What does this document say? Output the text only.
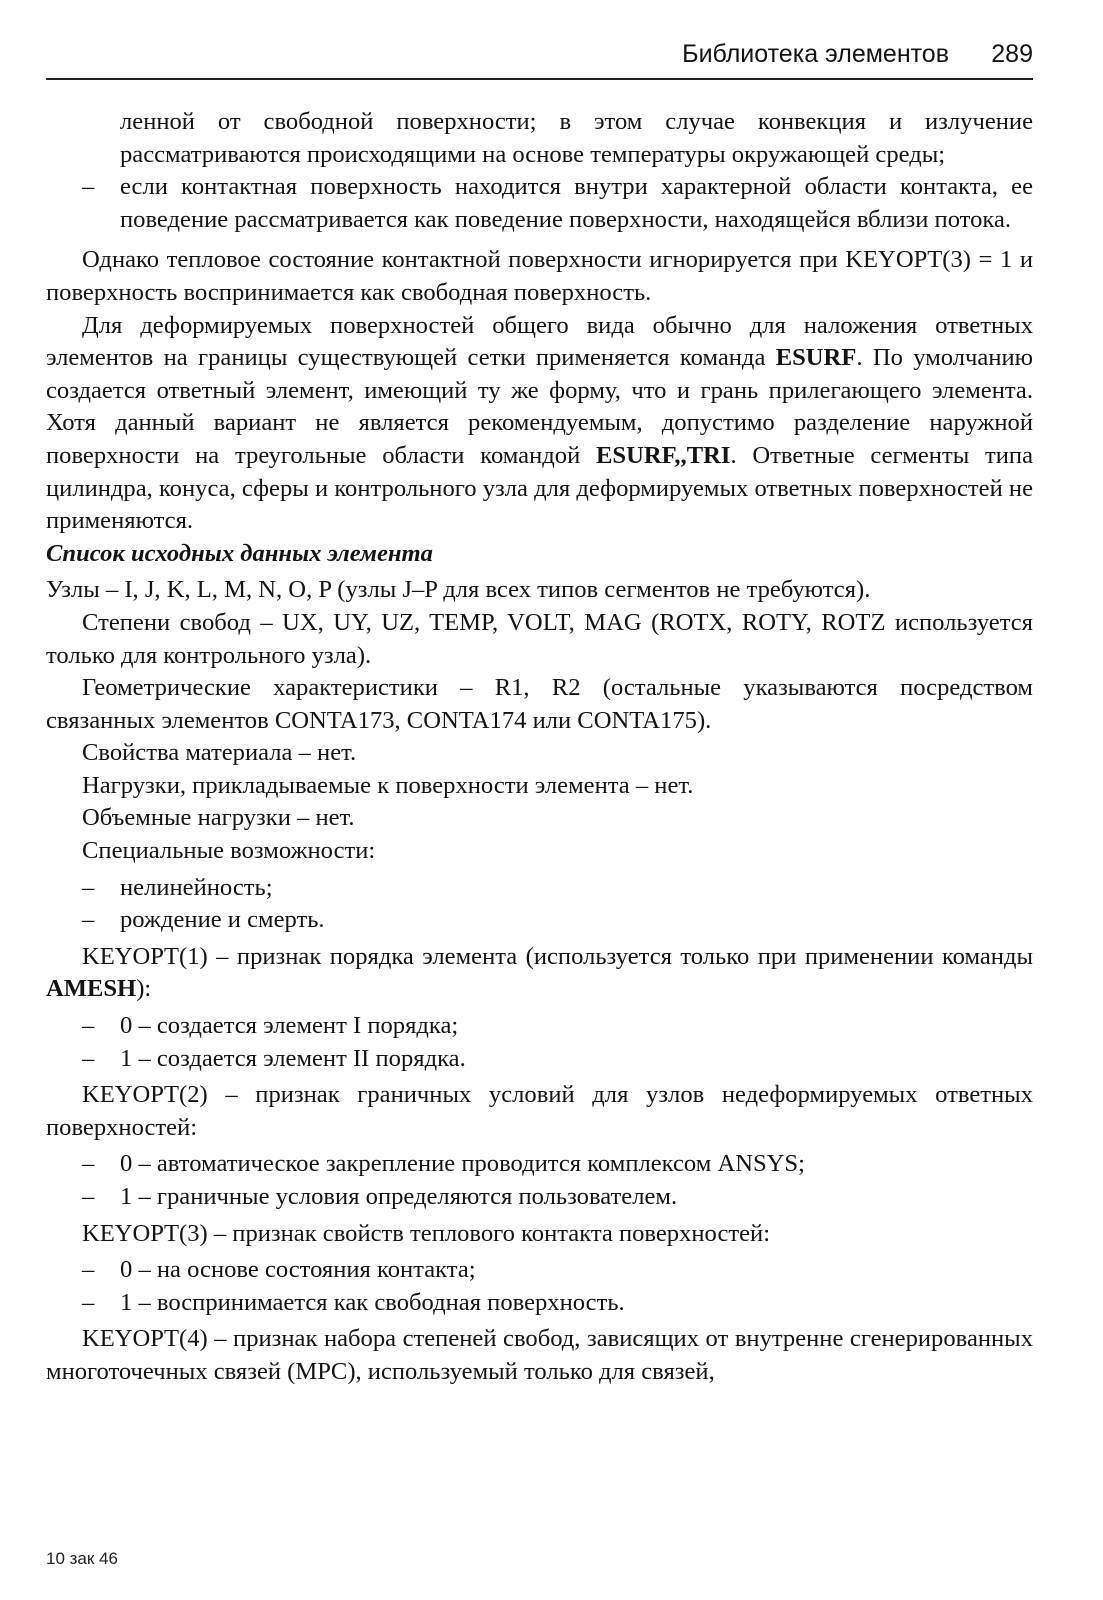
Библиотека элементов 289

ленной от свободной поверхности; в этом случае конвекция и излучение рассматриваются происходящими на основе температуры окружающей среды;

– если контактная поверхность находится внутри характерной области контакта, ее поведение рассматривается как поведение поверхности, находящейся вблизи потока.

Однако тепловое состояние контактной поверхности игнорируется при KEYOPT(3) = 1 и поверхность воспринимается как свободная поверхность.

Для деформируемых поверхностей общего вида обычно для наложения ответных элементов на границы существующей сетки применяется команда ESURF. По умолчанию создается ответный элемент, имеющий ту же форму, что и грань прилегающего элемента. Хотя данный вариант не является рекомендуемым, допустимо разделение наружной поверхности на треугольные области командой ESURF,,TRI. Ответные сегменты типа цилиндра, конуса, сферы и контрольного узла для деформируемых ответных поверхностей не применяются.

Список исходных данных элемента

Узлы – I, J, K, L, M, N, O, P (узлы J–P для всех типов сегментов не требуются).

Степени свобод – UX, UY, UZ, TEMP, VOLT, MAG (ROTX, ROTY, ROTZ используется только для контрольного узла).

Геометрические характеристики – R1, R2 (остальные указываются посредством связанных элементов CONTA173, CONTA174 или CONTA175).

Свойства материала – нет.

Нагрузки, прикладываемые к поверхности элемента – нет.

Объемные нагрузки – нет.

Специальные возможности:

– нелинейность;

– рождение и смерть.

KEYOPT(1) – признак порядка элемента (используется только при применении команды AMESH):

– 0 – создается элемент I порядка;

– 1 – создается элемент II порядка.

KEYOPT(2) – признак граничных условий для узлов недеформируемых ответных поверхностей:

– 0 – автоматическое закрепление проводится комплексом ANSYS;

– 1 – граничные условия определяются пользователем.

KEYOPT(3) – признак свойств теплового контакта поверхностей:

– 0 – на основе состояния контакта;

– 1 – воспринимается как свободная поверхность.

KEYOPT(4) – признак набора степеней свобод, зависящих от внутренне сгенерированных многоточечных связей (MPC), используемый только для связей,

10 зак 46
